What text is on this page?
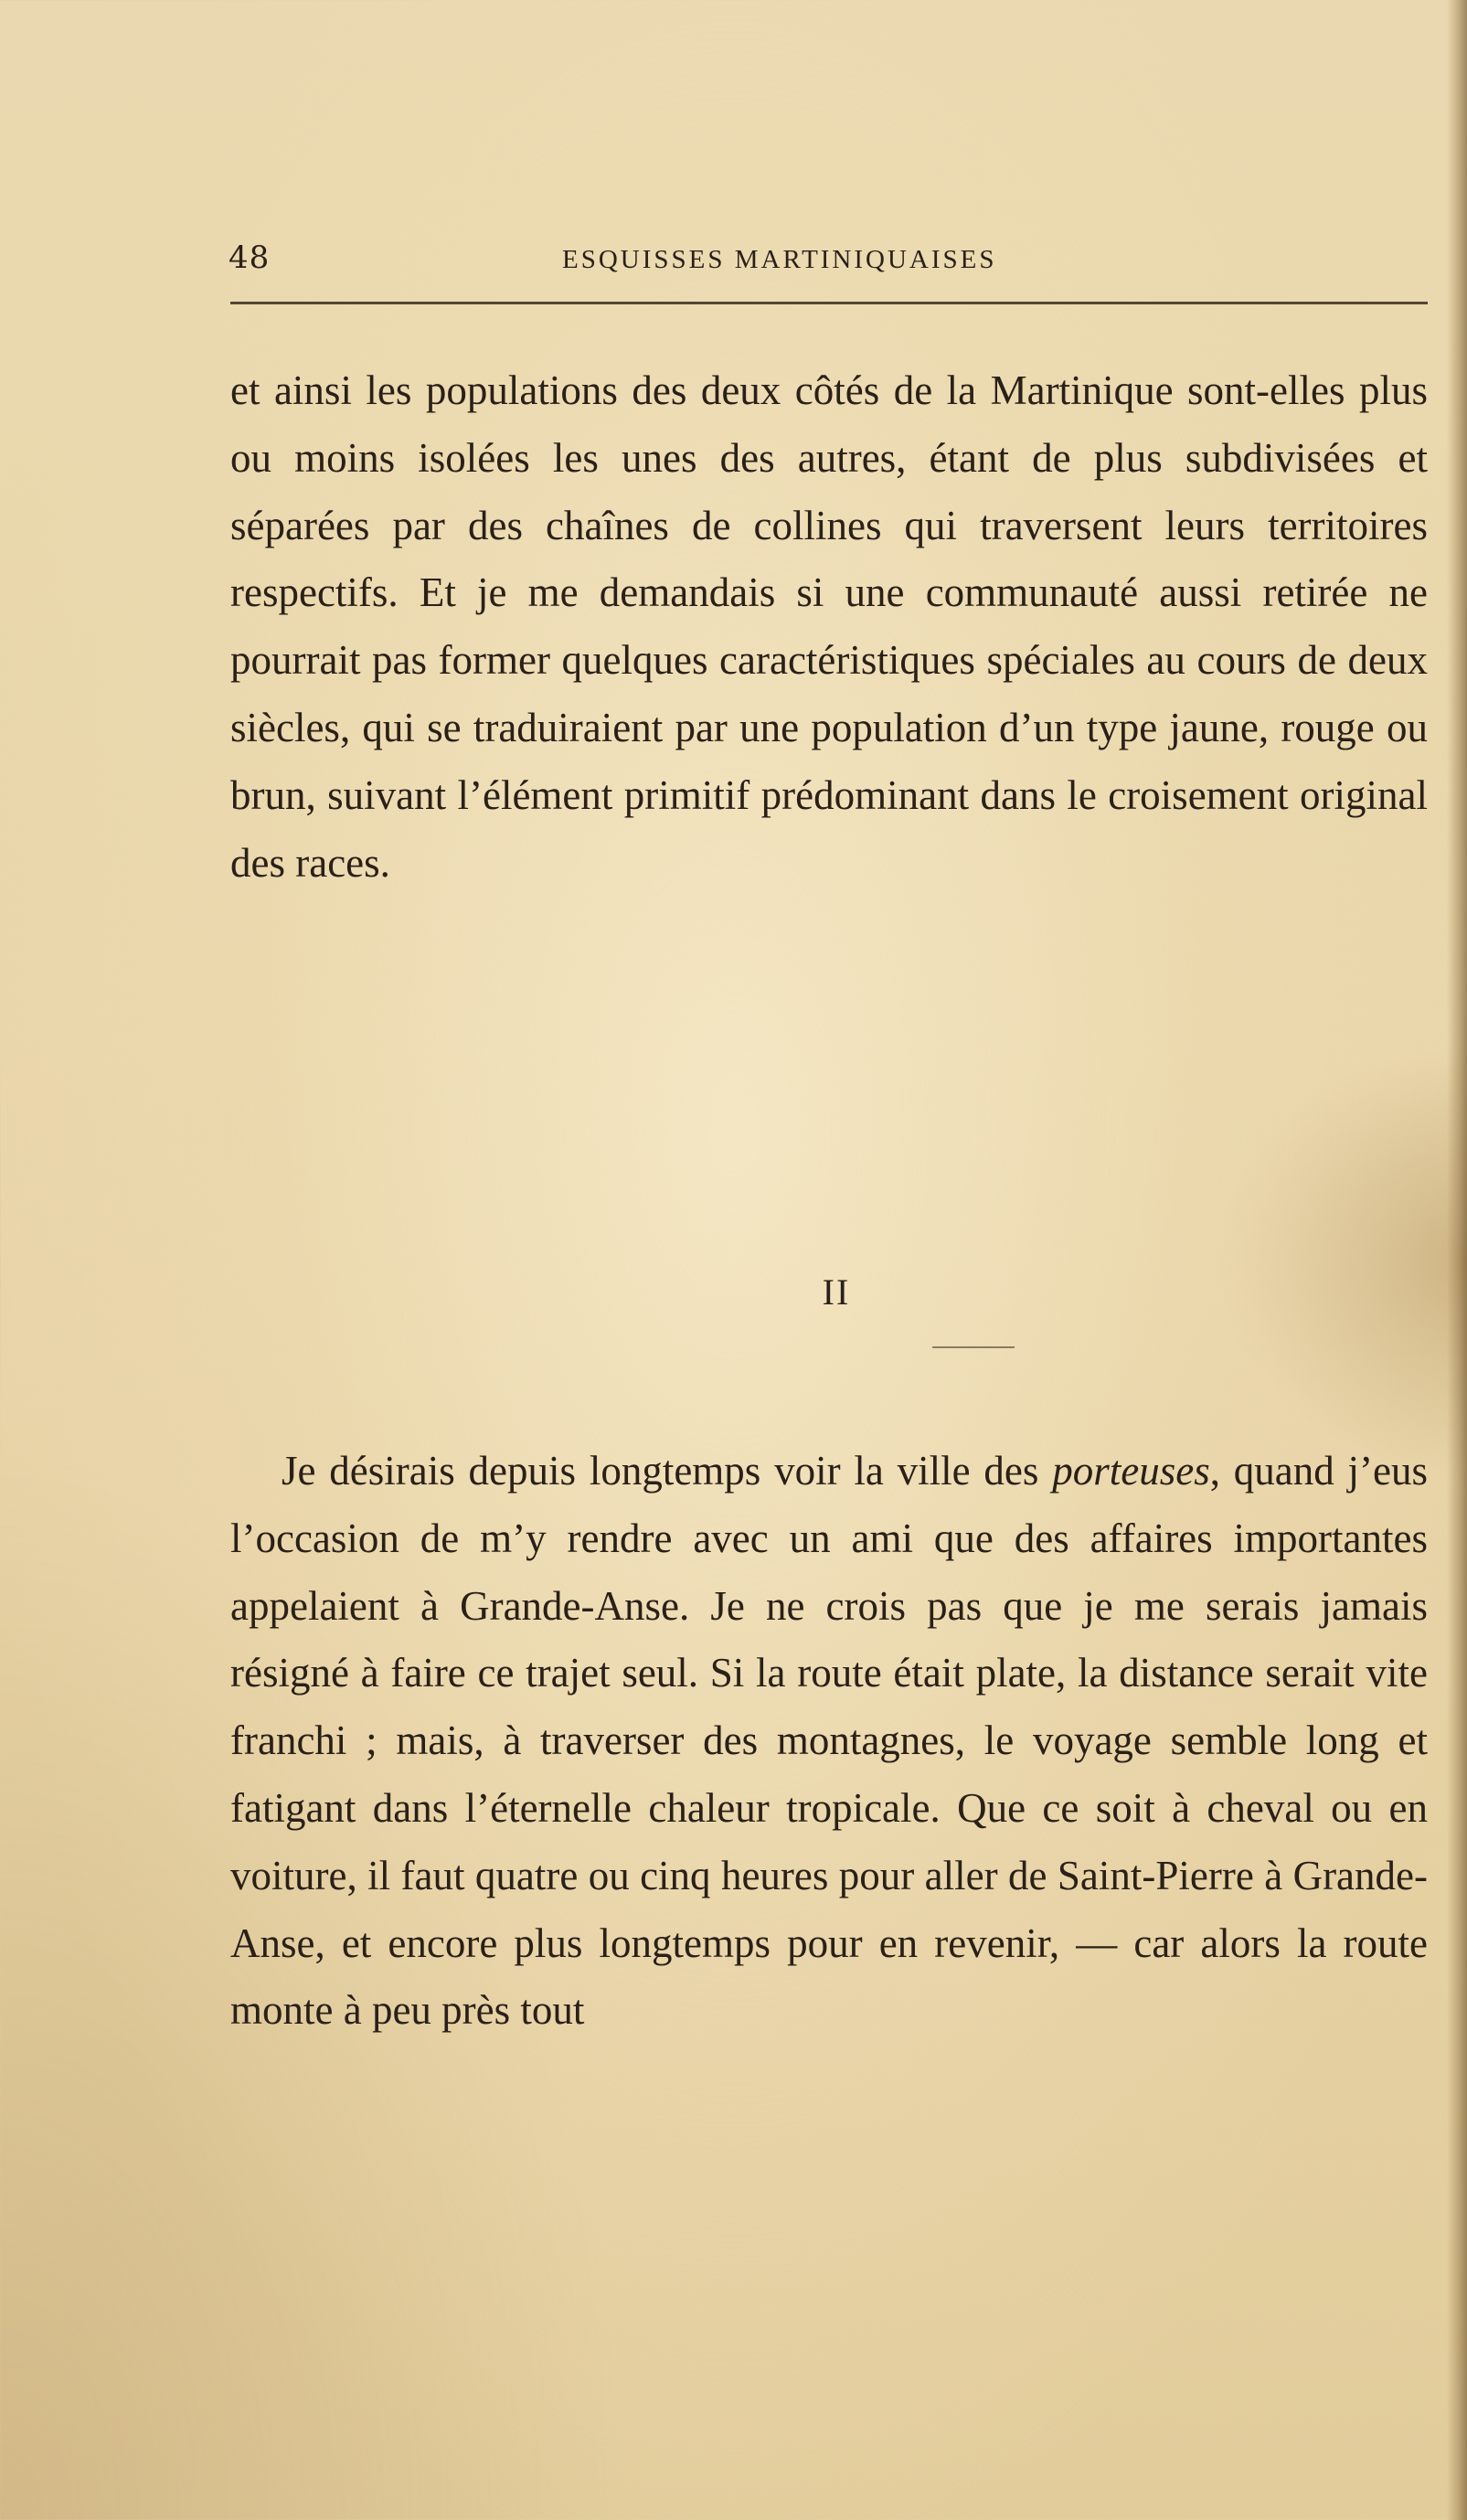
48	ESQUISSES MARTINIQUAISES

et ainsi les populations des deux côtés de la Martinique sont-elles plus ou moins isolées les unes des autres, étant de plus subdivisées et séparées par des chaînes de collines qui traversent leurs territoires respectifs. Et je me demandais si une communauté aussi retirée ne pourrait pas former quelques caractéristiques spéciales au cours de deux siècles, qui se traduiraient par une population d’un type jaune, rouge ou brun, suivant l’élément primitif prédominant dans le croisement original des races.

II

Je désirais depuis longtemps voir la ville des porteuses, quand j’eus l’occasion de m’y rendre avec un ami que des affaires importantes appelaient à Grande-Anse. Je ne crois pas que je me serais jamais résigné à faire ce trajet seul. Si la route était plate, la distance serait vite franchi ; mais, à traverser des montagnes, le voyage semble long et fatigant dans l’éternelle chaleur tropicale. Que ce soit à cheval ou en voiture, il faut quatre ou cinq heures pour aller de Saint-Pierre à Grande-Anse, et encore plus longtemps pour en revenir, — car alors la route monte à peu près tout
